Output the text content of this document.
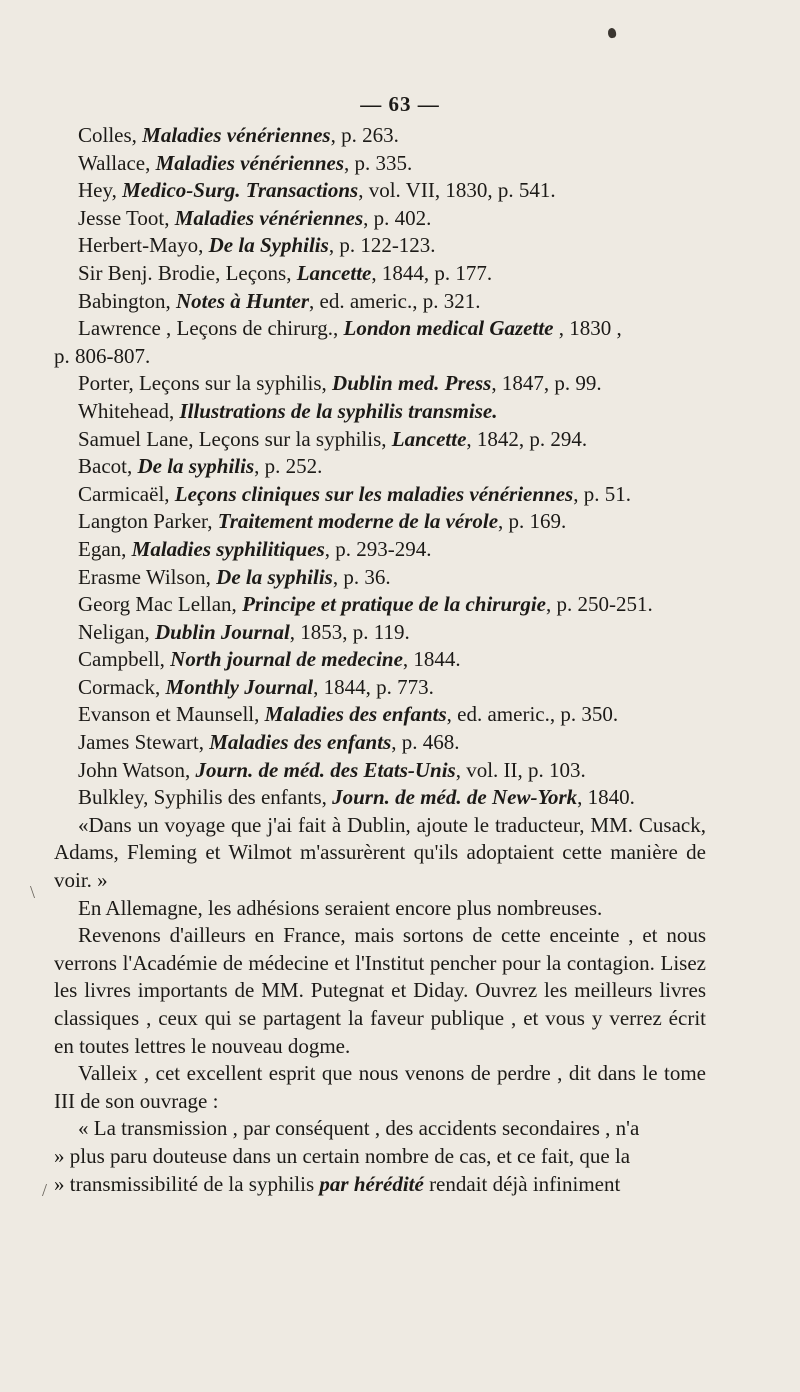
\
/
— 63 —

Colles, Maladies vénériennes, p. 263.

Wallace, Maladies vénériennes, p. 335.

Hey, Medico-Surg. Transactions, vol. VII, 1830, p. 541.

Jesse Toot, Maladies vénériennes, p. 402.

Herbert-Mayo, De la Syphilis, p. 122-123.

Sir Benj. Brodie, Leçons, Lancette, 1844, p. 177.

Babington, Notes à Hunter, ed. americ., p. 321.

Lawrence , Leçons de chirurg., London medical Gazette , 1830 ,
p. 806-807.

Porter, Leçons sur la syphilis, Dublin med. Press, 1847, p. 99.

Whitehead, Illustrations de la syphilis transmise.

Samuel Lane, Leçons sur la syphilis, Lancette, 1842, p. 294.

Bacot, De la syphilis, p. 252.

Carmicaël, Leçons cliniques sur les maladies vénériennes, p. 51.

Langton Parker, Traitement moderne de la vérole, p. 169.

Egan, Maladies syphilitiques, p. 293-294.

Erasme Wilson, De la syphilis, p. 36.

Georg Mac Lellan, Principe et pratique de la chirurgie, p. 250-251.

Neligan, Dublin Journal, 1853, p. 119.

Campbell, North journal de medecine, 1844.

Cormack, Monthly Journal, 1844, p. 773.

Evanson et Maunsell, Maladies des enfants, ed. americ., p. 350.

James Stewart, Maladies des enfants, p. 468.

John Watson, Journ. de méd. des Etats-Unis, vol. II, p. 103.

Bulkley, Syphilis des enfants, Journ. de méd. de New-York, 1840.

«Dans un voyage que j'ai fait à Dublin, ajoute le traducteur, MM. Cusack, Adams, Fleming et Wilmot m'assurèrent qu'ils adoptaient cette manière de voir. »

En Allemagne, les adhésions seraient encore plus nombreuses.

Revenons d'ailleurs en France, mais sortons de cette enceinte , et nous verrons l'Académie de médecine et l'Institut pencher pour la contagion. Lisez les livres importants de MM. Putegnat et Diday. Ouvrez les meilleurs livres classiques , ceux qui se partagent la faveur publique , et vous y verrez écrit en toutes lettres le nouveau dogme.

Valleix , cet excellent esprit que nous venons de perdre , dit dans le tome III de son ouvrage :

« La transmission , par conséquent , des accidents secondaires , n'a

» plus paru douteuse dans un certain nombre de cas, et ce fait, que la

» transmissibilité de la syphilis par hérédité rendait déjà infiniment
